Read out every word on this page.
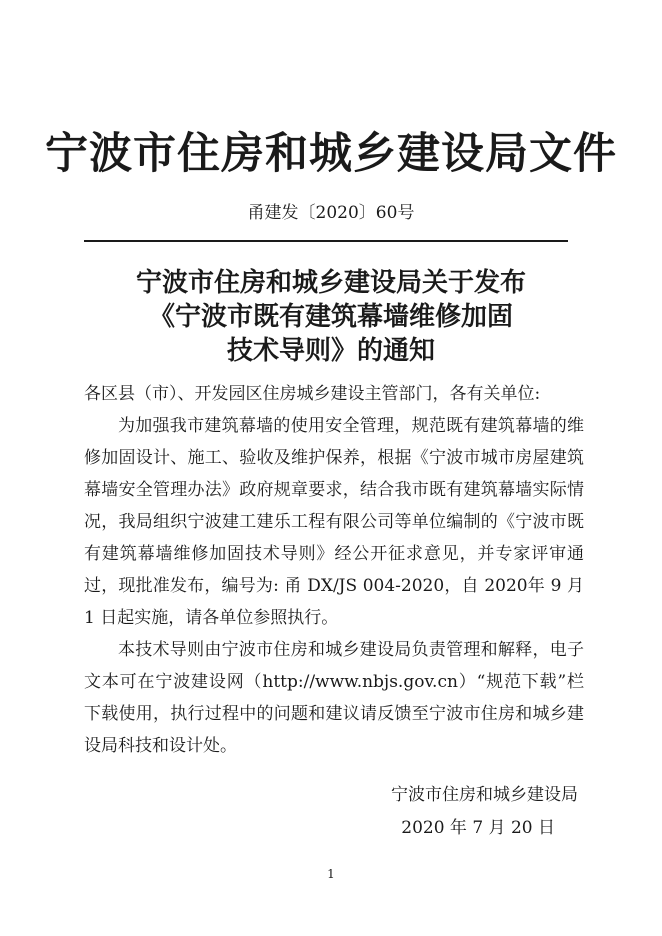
宁波市住房和城乡建设局文件
甬建发〔2020〕60号
宁波市住房和城乡建设局关于发布
《宁波市既有建筑幕墙维修加固
技术导则》的通知

各区县（市）、开发园区住房城乡建设主管部门，各有关单位:

为加强我市建筑幕墙的使用安全管理，规范既有建筑幕墙的维修加固设计、施工、验收及维护保养，根据《宁波市城市房屋建筑幕墙安全管理办法》政府规章要求，结合我市既有建筑幕墙实际情况，我局组织宁波建工建乐工程有限公司等单位编制的《宁波市既有建筑幕墙维修加固技术导则》经公开征求意见，并专家评审通过，现批准发布，编号为: 甬 DX/JS 004-2020，自 2020年 9 月 1 日起实施，请各单位参照执行。

本技术导则由宁波市住房和城乡建设局负责管理和解释，电子文本可在宁波建设网（http://www.nbjs.gov.cn）“规范下载”栏下载使用，执行过程中的问题和建议请反馈至宁波市住房和城乡建设局科技和设计处。

宁波市住房和城乡建设局
2020 年 7 月 20 日
1
